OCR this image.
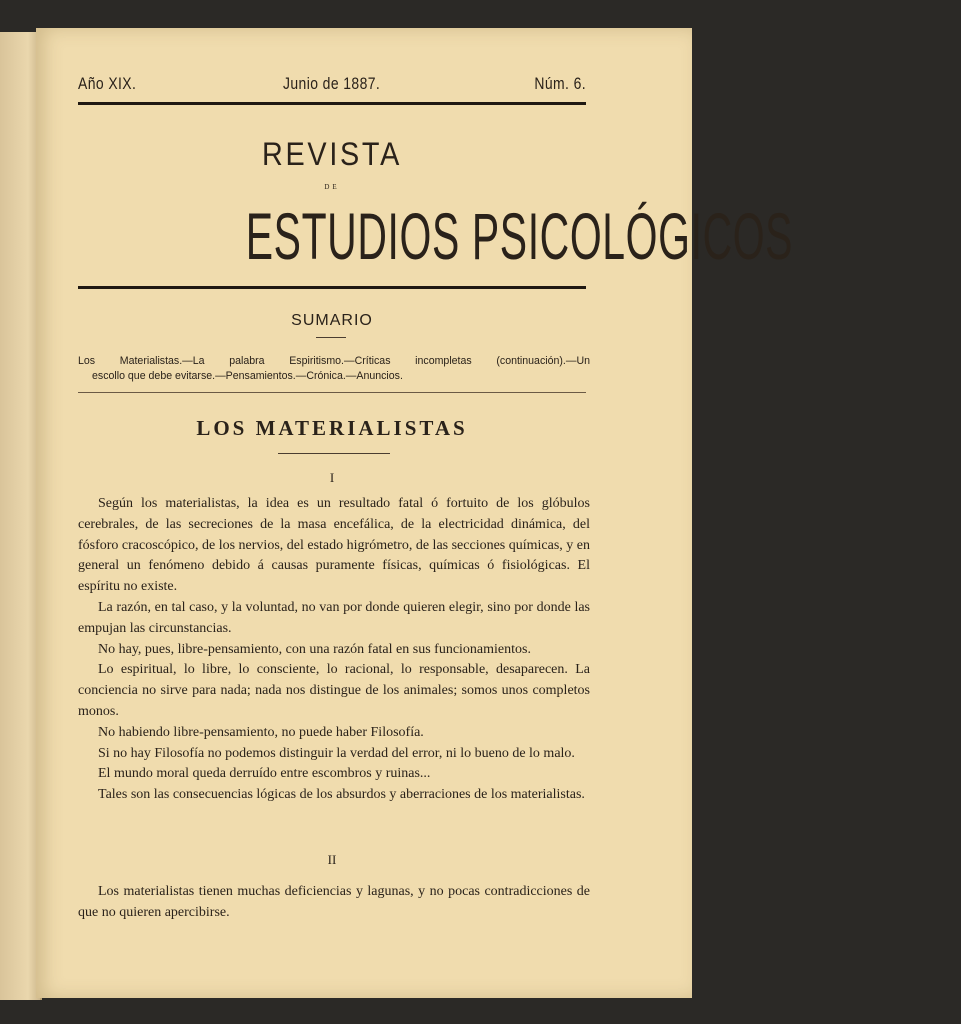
Año XIX.	Junio de 1887.	Núm. 6.
REVISTA
DE
ESTUDIOS PSICOLÓGICOS
SUMARIO
Los Materialistas.—La palabra Espiritismo.—Críticas incompletas (continuación).—Un
escollo que debe evitarse.—Pensamientos.—Crónica.—Anuncios.
LOS MATERIALISTAS
I

Según los materialistas, la idea es un resultado fatal ó fortuito de los glóbulos cerebrales, de las secreciones de la masa encefálica, de la electricidad dinámica, del fósforo cracoscópico, de los nervios, del estado higrómetro, de las secciones químicas, y en general un fenómeno debido á causas puramente físicas, químicas ó fisiológicas. El espíritu no existe.

La razón, en tal caso, y la voluntad, no van por donde quieren elegir, sino por donde las empujan las circunstancias.

No hay, pues, libre-pensamiento, con una razón fatal en sus funcionamientos.

Lo espiritual, lo libre, lo consciente, lo racional, lo responsable, desaparecen. La conciencia no sirve para nada; nada nos distingue de los animales; somos unos completos monos.

No habiendo libre-pensamiento, no puede haber Filosofía.

Si no hay Filosofía no podemos distinguir la verdad del error, ni lo bueno de lo malo.

El mundo moral queda derruído entre escombros y ruinas...

Tales son las consecuencias lógicas de los absurdos y aberraciones de los materialistas.

II

Los materialistas tienen muchas deficiencias y lagunas, y no pocas contradicciones de que no quieren apercibirse.
